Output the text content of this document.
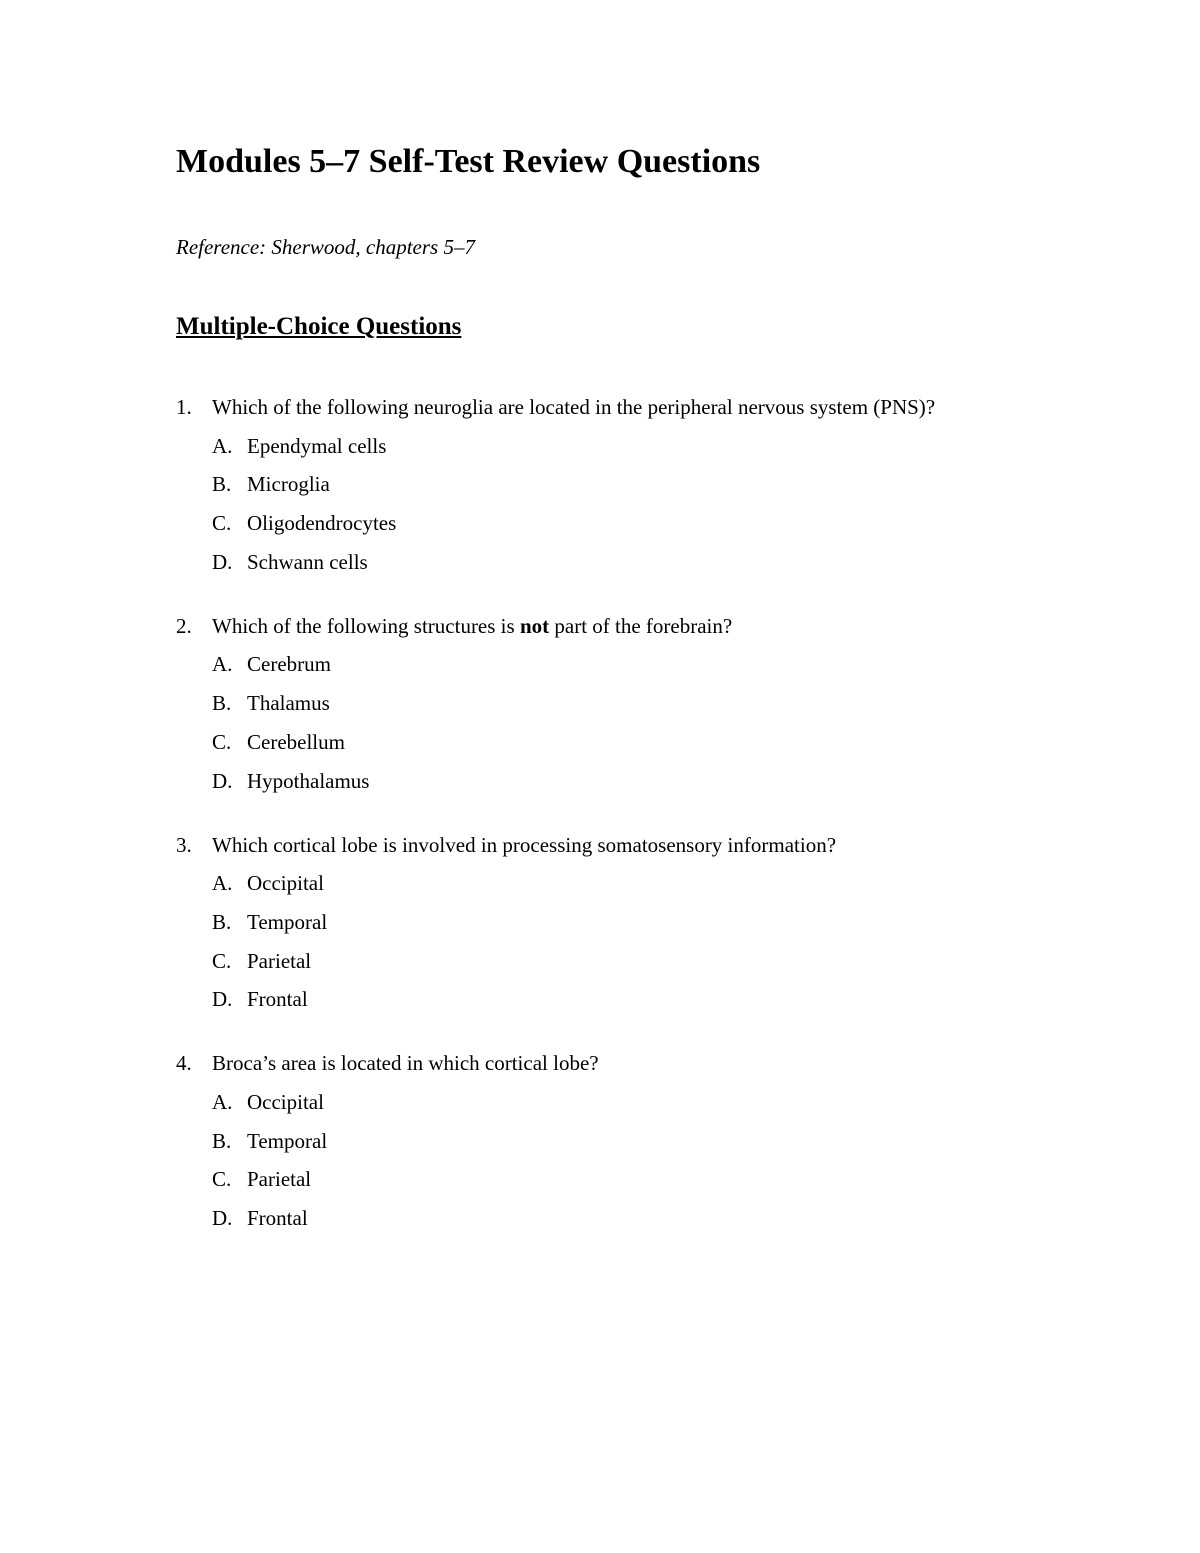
Modules 5–7 Self-Test Review Questions

Reference: Sherwood, chapters 5–7

Multiple-Choice Questions
1. Which of the following neuroglia are located in the peripheral nervous system (PNS)?
A. Ependymal cells
B. Microglia
C. Oligodendrocytes
D. Schwann cells
2. Which of the following structures is not part of the forebrain?
A. Cerebrum
B. Thalamus
C. Cerebellum
D. Hypothalamus
3. Which cortical lobe is involved in processing somatosensory information?
A. Occipital
B. Temporal
C. Parietal
D. Frontal
4. Broca’s area is located in which cortical lobe?
A. Occipital
B. Temporal
C. Parietal
D. Frontal
